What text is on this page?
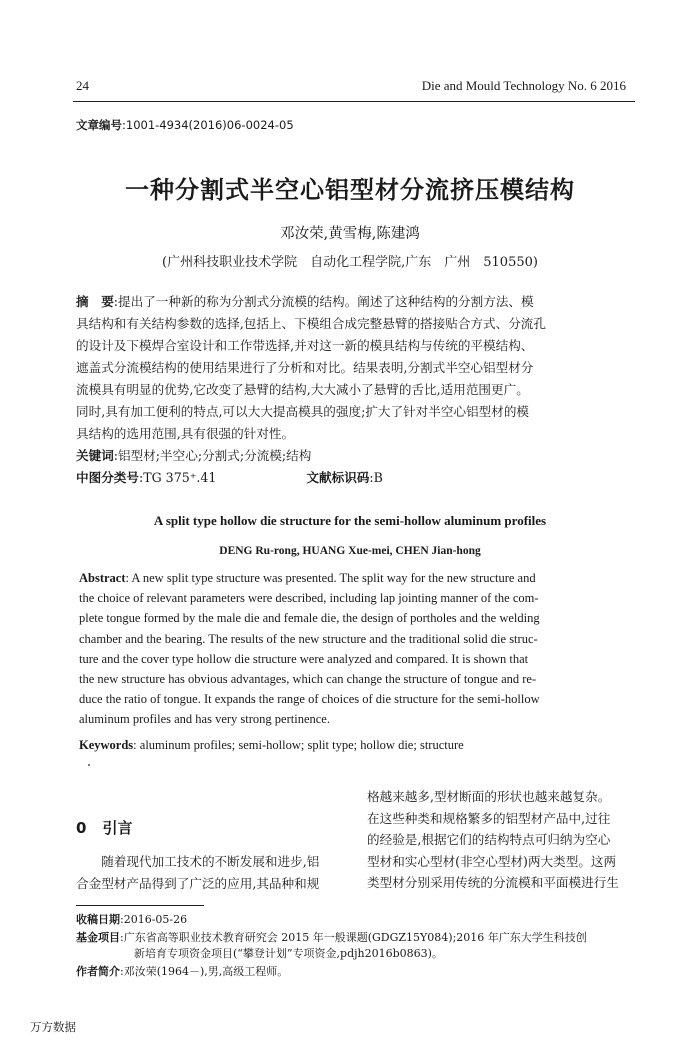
24	Die and Mould Technology No. 6 2016
文章编号:1001-4934(2016)06-0024-05
一种分割式半空心铝型材分流挤压模结构
邓汝荣,黄雪梅,陈建鸿
(广州科技职业技术学院　自动化工程学院,广东　广州　510550)
摘　要:提出了一种新的称为分割式分流模的结构。阐述了这种结构的分割方法、模
具结构和有关结构参数的选择,包括上、下模组合成完整悬臂的搭接贴合方式、分流孔
的设计及下模焊合室设计和工作带选择,并对这一新的模具结构与传统的平模结构、
遮盖式分流模结构的使用结果进行了分析和对比。结果表明,分割式半空心铝型材分
流模具有明显的优势,它改变了悬臂的结构,大大减小了悬臂的舌比,适用范围更广。
同时,具有加工便利的特点,可以大大提高模具的强度;扩大了针对半空心铝型材的模
具结构的选用范围,具有很强的针对性。
关键词:铝型材;半空心;分割式;分流模;结构
中图分类号:TG 375⁺.41	文献标识码:B
A split type hollow die structure for the semi-hollow aluminum profiles
DENG Ru-rong, HUANG Xue-mei, CHEN Jian-hong
Abstract: A new split type structure was presented. The split way for the new structure and
the choice of relevant parameters were described, including lap jointing manner of the com-
plete tongue formed by the male die and female die, the design of portholes and the welding
chamber and the bearing. The results of the new structure and the traditional solid die struc-
ture and the cover type hollow die structure were analyzed and compared. It is shown that
the new structure has obvious advantages, which can change the structure of tongue and re-
duce the ratio of tongue. It expands the range of choices of die structure for the semi-hollow
aluminum profiles and has very strong pertinence.
Keywords: aluminum profiles; semi-hollow; split type; hollow die; structure
0 引言
　　随着现代加工技术的不断发展和进步,铝
合金型材产品得到了广泛的应用,其品种和规
格越来越多,型材断面的形状也越来越复杂。
在这些种类和规格繁多的铝型材产品中,过往
的经验是,根据它们的结构特点可归纳为空心
型材和实心型材(非空心型材)两大类型。这两
类型材分别采用传统的分流模和平面模进行生
收稿日期:2016-05-26
基金项目:广东省高等职业技术教育研究会 2015 年一般课题(GDGZ15Y084);2016 年广东大学生科技创
新培育专项资金项目(“攀登计划”专项资金,pdjh2016b0863)。
作者简介:邓汝荣(1964－),男,高级工程师。
万方数据
